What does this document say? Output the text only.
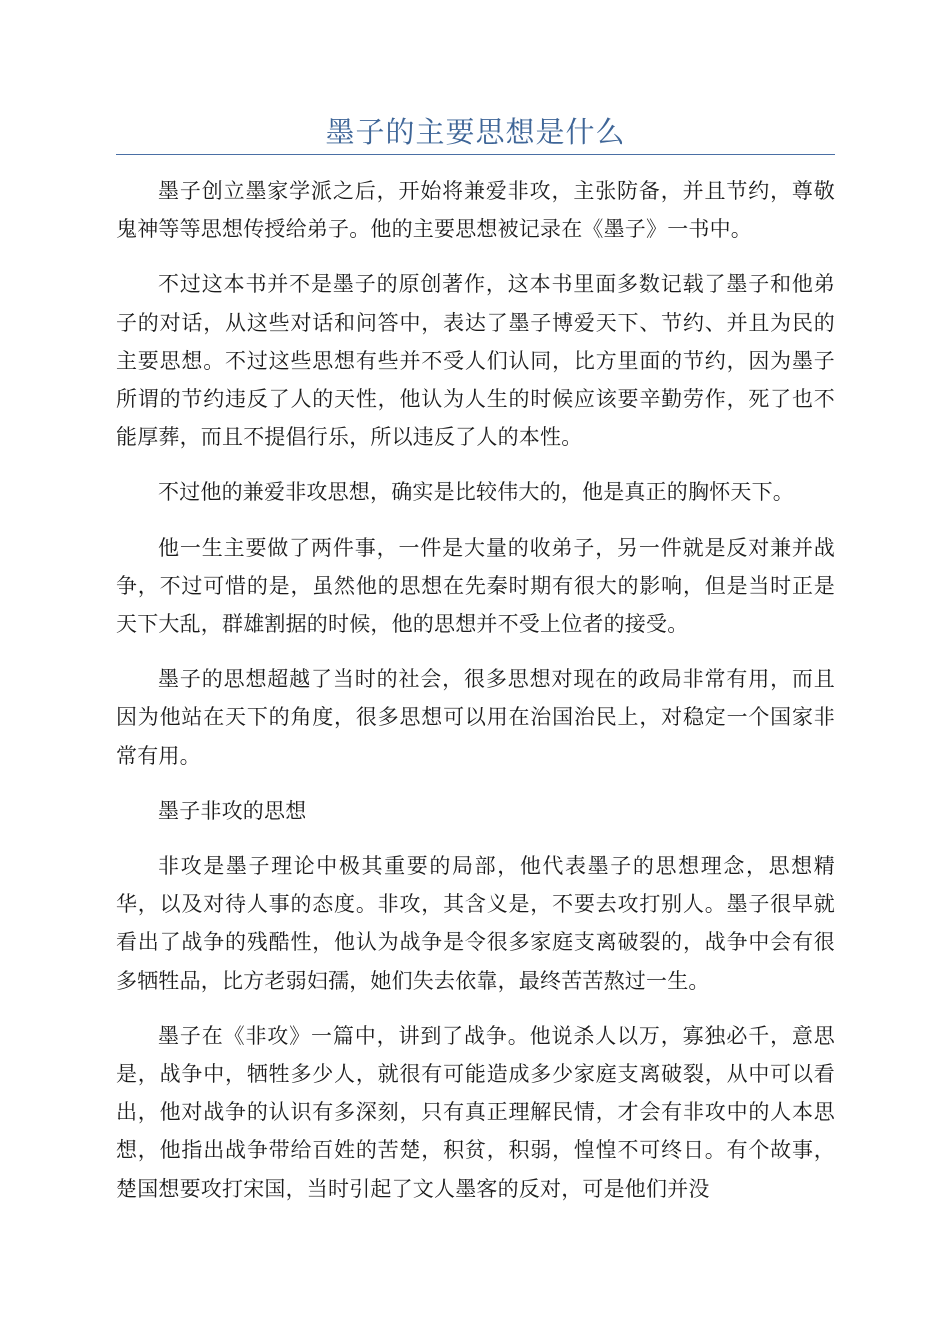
墨子的主要思想是什么

墨子创立墨家学派之后，开始将兼爱非攻，主张防备，并且节约，尊敬鬼神等等思想传授给弟子。他的主要思想被记录在《墨子》一书中。

不过这本书并不是墨子的原创著作，这本书里面多数记载了墨子和他弟子的对话，从这些对话和问答中，表达了墨子博爱天下、节约、并且为民的主要思想。不过这些思想有些并不受人们认同，比方里面的节约，因为墨子所谓的节约违反了人的天性，他认为人生的时候应该要辛勤劳作，死了也不能厚葬，而且不提倡行乐，所以违反了人的本性。

不过他的兼爱非攻思想，确实是比较伟大的，他是真正的胸怀天下。

他一生主要做了两件事，一件是大量的收弟子，另一件就是反对兼并战争，不过可惜的是，虽然他的思想在先秦时期有很大的影响，但是当时正是天下大乱，群雄割据的时候，他的思想并不受上位者的接受。

墨子的思想超越了当时的社会，很多思想对现在的政局非常有用，而且因为他站在天下的角度，很多思想可以用在治国治民上，对稳定一个国家非常有用。

墨子非攻的思想

非攻是墨子理论中极其重要的局部，他代表墨子的思想理念，思想精华，以及对待人事的态度。非攻，其含义是，不要去攻打别人。墨子很早就看出了战争的残酷性，他认为战争是令很多家庭支离破裂的，战争中会有很多牺牲品，比方老弱妇孺，她们失去依靠，最终苦苦熬过一生。

墨子在《非攻》一篇中，讲到了战争。他说杀人以万，寡独必千，意思是，战争中，牺牲多少人，就很有可能造成多少家庭支离破裂，从中可以看出，他对战争的认识有多深刻，只有真正理解民情，才会有非攻中的人本思想，他指出战争带给百姓的苦楚，积贫，积弱，惶惶不可终日。有个故事，楚国想要攻打宋国，当时引起了文人墨客的反对，可是他们并没
